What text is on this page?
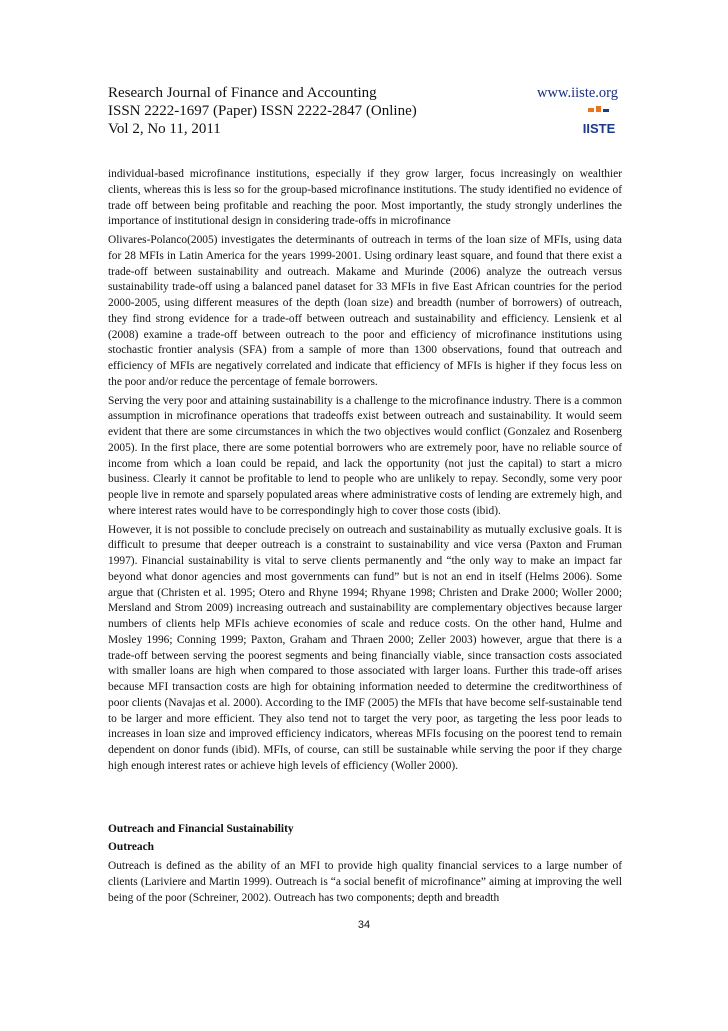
Research Journal of Finance and Accounting
ISSN 2222-1697 (Paper) ISSN 2222-2847 (Online)
Vol 2, No 11, 2011
www.iiste.org
IISTE

individual-based microfinance institutions, especially if they grow larger, focus increasingly on wealthier clients, whereas this is less so for the group-based microfinance institutions. The study identified no evidence of trade off between being profitable and reaching the poor. Most importantly, the study strongly underlines the importance of institutional design in considering trade-offs in microfinance

Olivares-Polanco(2005) investigates the determinants of outreach in terms of the loan size of MFIs, using data for 28 MFIs in Latin America for the years 1999-2001. Using ordinary least square, and found that there exist a trade-off between sustainability and outreach. Makame and Murinde (2006) analyze the outreach versus sustainability trade-off using a balanced panel dataset for 33 MFIs in five East African countries for the period 2000-2005, using different measures of the depth (loan size) and breadth (number of borrowers) of outreach, they find strong evidence for a trade-off between outreach and sustainability and efficiency. Lensienk et al (2008) examine a trade-off between outreach to the poor and efficiency of microfinance institutions using stochastic frontier analysis (SFA) from a sample of more than 1300 observations, found that outreach and efficiency of MFIs are negatively correlated and indicate that efficiency of MFIs is higher if they focus less on the poor and/or reduce the percentage of female borrowers.

Serving the very poor and attaining sustainability is a challenge to the microfinance industry. There is a common assumption in microfinance operations that tradeoffs exist between outreach and sustainability. It would seem evident that there are some circumstances in which the two objectives would conflict (Gonzalez and Rosenberg 2005). In the first place, there are some potential borrowers who are extremely poor, have no reliable source of income from which a loan could be repaid, and lack the opportunity (not just the capital) to start a micro business. Clearly it cannot be profitable to lend to people who are unlikely to repay. Secondly, some very poor people live in remote and sparsely populated areas where administrative costs of lending are extremely high, and where interest rates would have to be correspondingly high to cover those costs (ibid).

However, it is not possible to conclude precisely on outreach and sustainability as mutually exclusive goals. It is difficult to presume that deeper outreach is a constraint to sustainability and vice versa (Paxton and Fruman 1997). Financial sustainability is vital to serve clients permanently and “the only way to make an impact far beyond what donor agencies and most governments can fund” but is not an end in itself (Helms 2006). Some argue that (Christen et al. 1995; Otero and Rhyne 1994; Rhyane 1998; Christen and Drake 2000; Woller 2000; Mersland and Strom 2009) increasing outreach and sustainability are complementary objectives because larger numbers of clients help MFIs achieve economies of scale and reduce costs. On the other hand, Hulme and Mosley 1996; Conning 1999; Paxton, Graham and Thraen 2000; Zeller 2003) however, argue that there is a trade-off between serving the poorest segments and being financially viable, since transaction costs associated with smaller loans are high when compared to those associated with larger loans. Further this trade-off arises because MFI transaction costs are high for obtaining information needed to determine the creditworthiness of poor clients (Navajas et al. 2000). According to the IMF (2005) the MFIs that have become self-sustainable tend to be larger and more efficient. They also tend not to target the very poor, as targeting the less poor leads to increases in loan size and improved efficiency indicators, whereas MFIs focusing on the poorest tend to remain dependent on donor funds (ibid). MFIs, of course, can still be sustainable while serving the poor if they charge high enough interest rates or achieve high levels of efficiency (Woller 2000).

Outreach and Financial Sustainability
Outreach

Outreach is defined as the ability of an MFI to provide high quality financial services to a large number of clients (Lariviere and Martin 1999). Outreach is “a social benefit of microfinance” aiming at improving the well being of the poor (Schreiner, 2002). Outreach has two components; depth and breadth

34
